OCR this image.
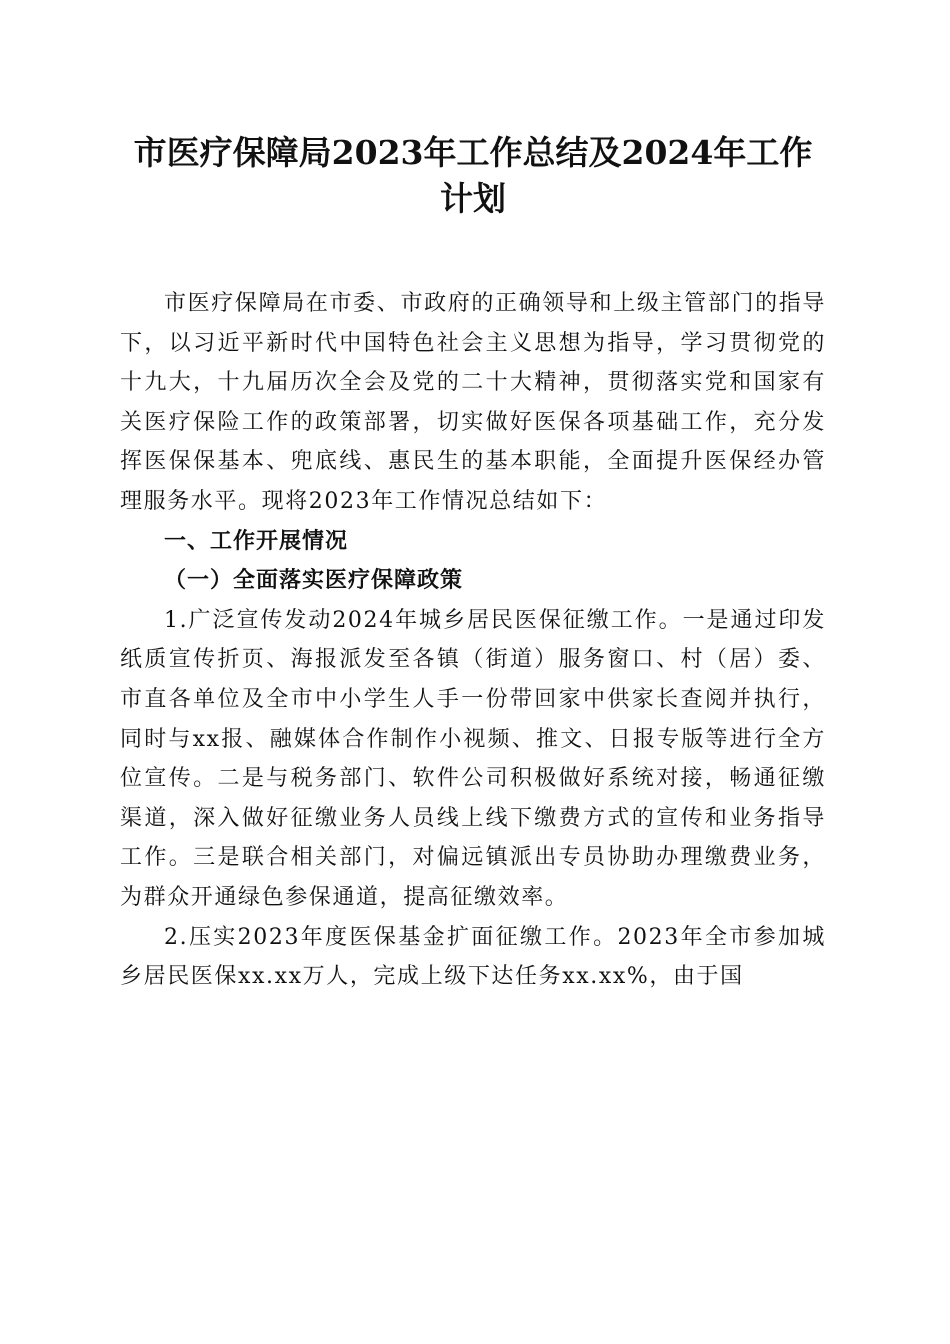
市医疗保障局2023年工作总结及2024年工作计划

市医疗保障局在市委、市政府的正确领导和上级主管部门的指导下，以习近平新时代中国特色社会主义思想为指导，学习贯彻党的十九大，十九届历次全会及党的二十大精神，贯彻落实党和国家有关医疗保险工作的政策部署，切实做好医保各项基础工作，充分发挥医保保基本、兜底线、惠民生的基本职能，全面提升医保经办管理服务水平。现将2023年工作情况总结如下：

一、工作开展情况

（一）全面落实医疗保障政策

1.广泛宣传发动2024年城乡居民医保征缴工作。一是通过印发纸质宣传折页、海报派发至各镇（街道）服务窗口、村（居）委、市直各单位及全市中小学生人手一份带回家中供家长查阅并执行，同时与xx报、融媒体合作制作小视频、推文、日报专版等进行全方位宣传。二是与税务部门、软件公司积极做好系统对接，畅通征缴渠道，深入做好征缴业务人员线上线下缴费方式的宣传和业务指导工作。三是联合相关部门，对偏远镇派出专员协助办理缴费业务，为群众开通绿色参保通道，提高征缴效率。

2.压实2023年度医保基金扩面征缴工作。2023年全市参加城乡居民医保xx.xx万人，完成上级下达任务xx.xx%，由于国
